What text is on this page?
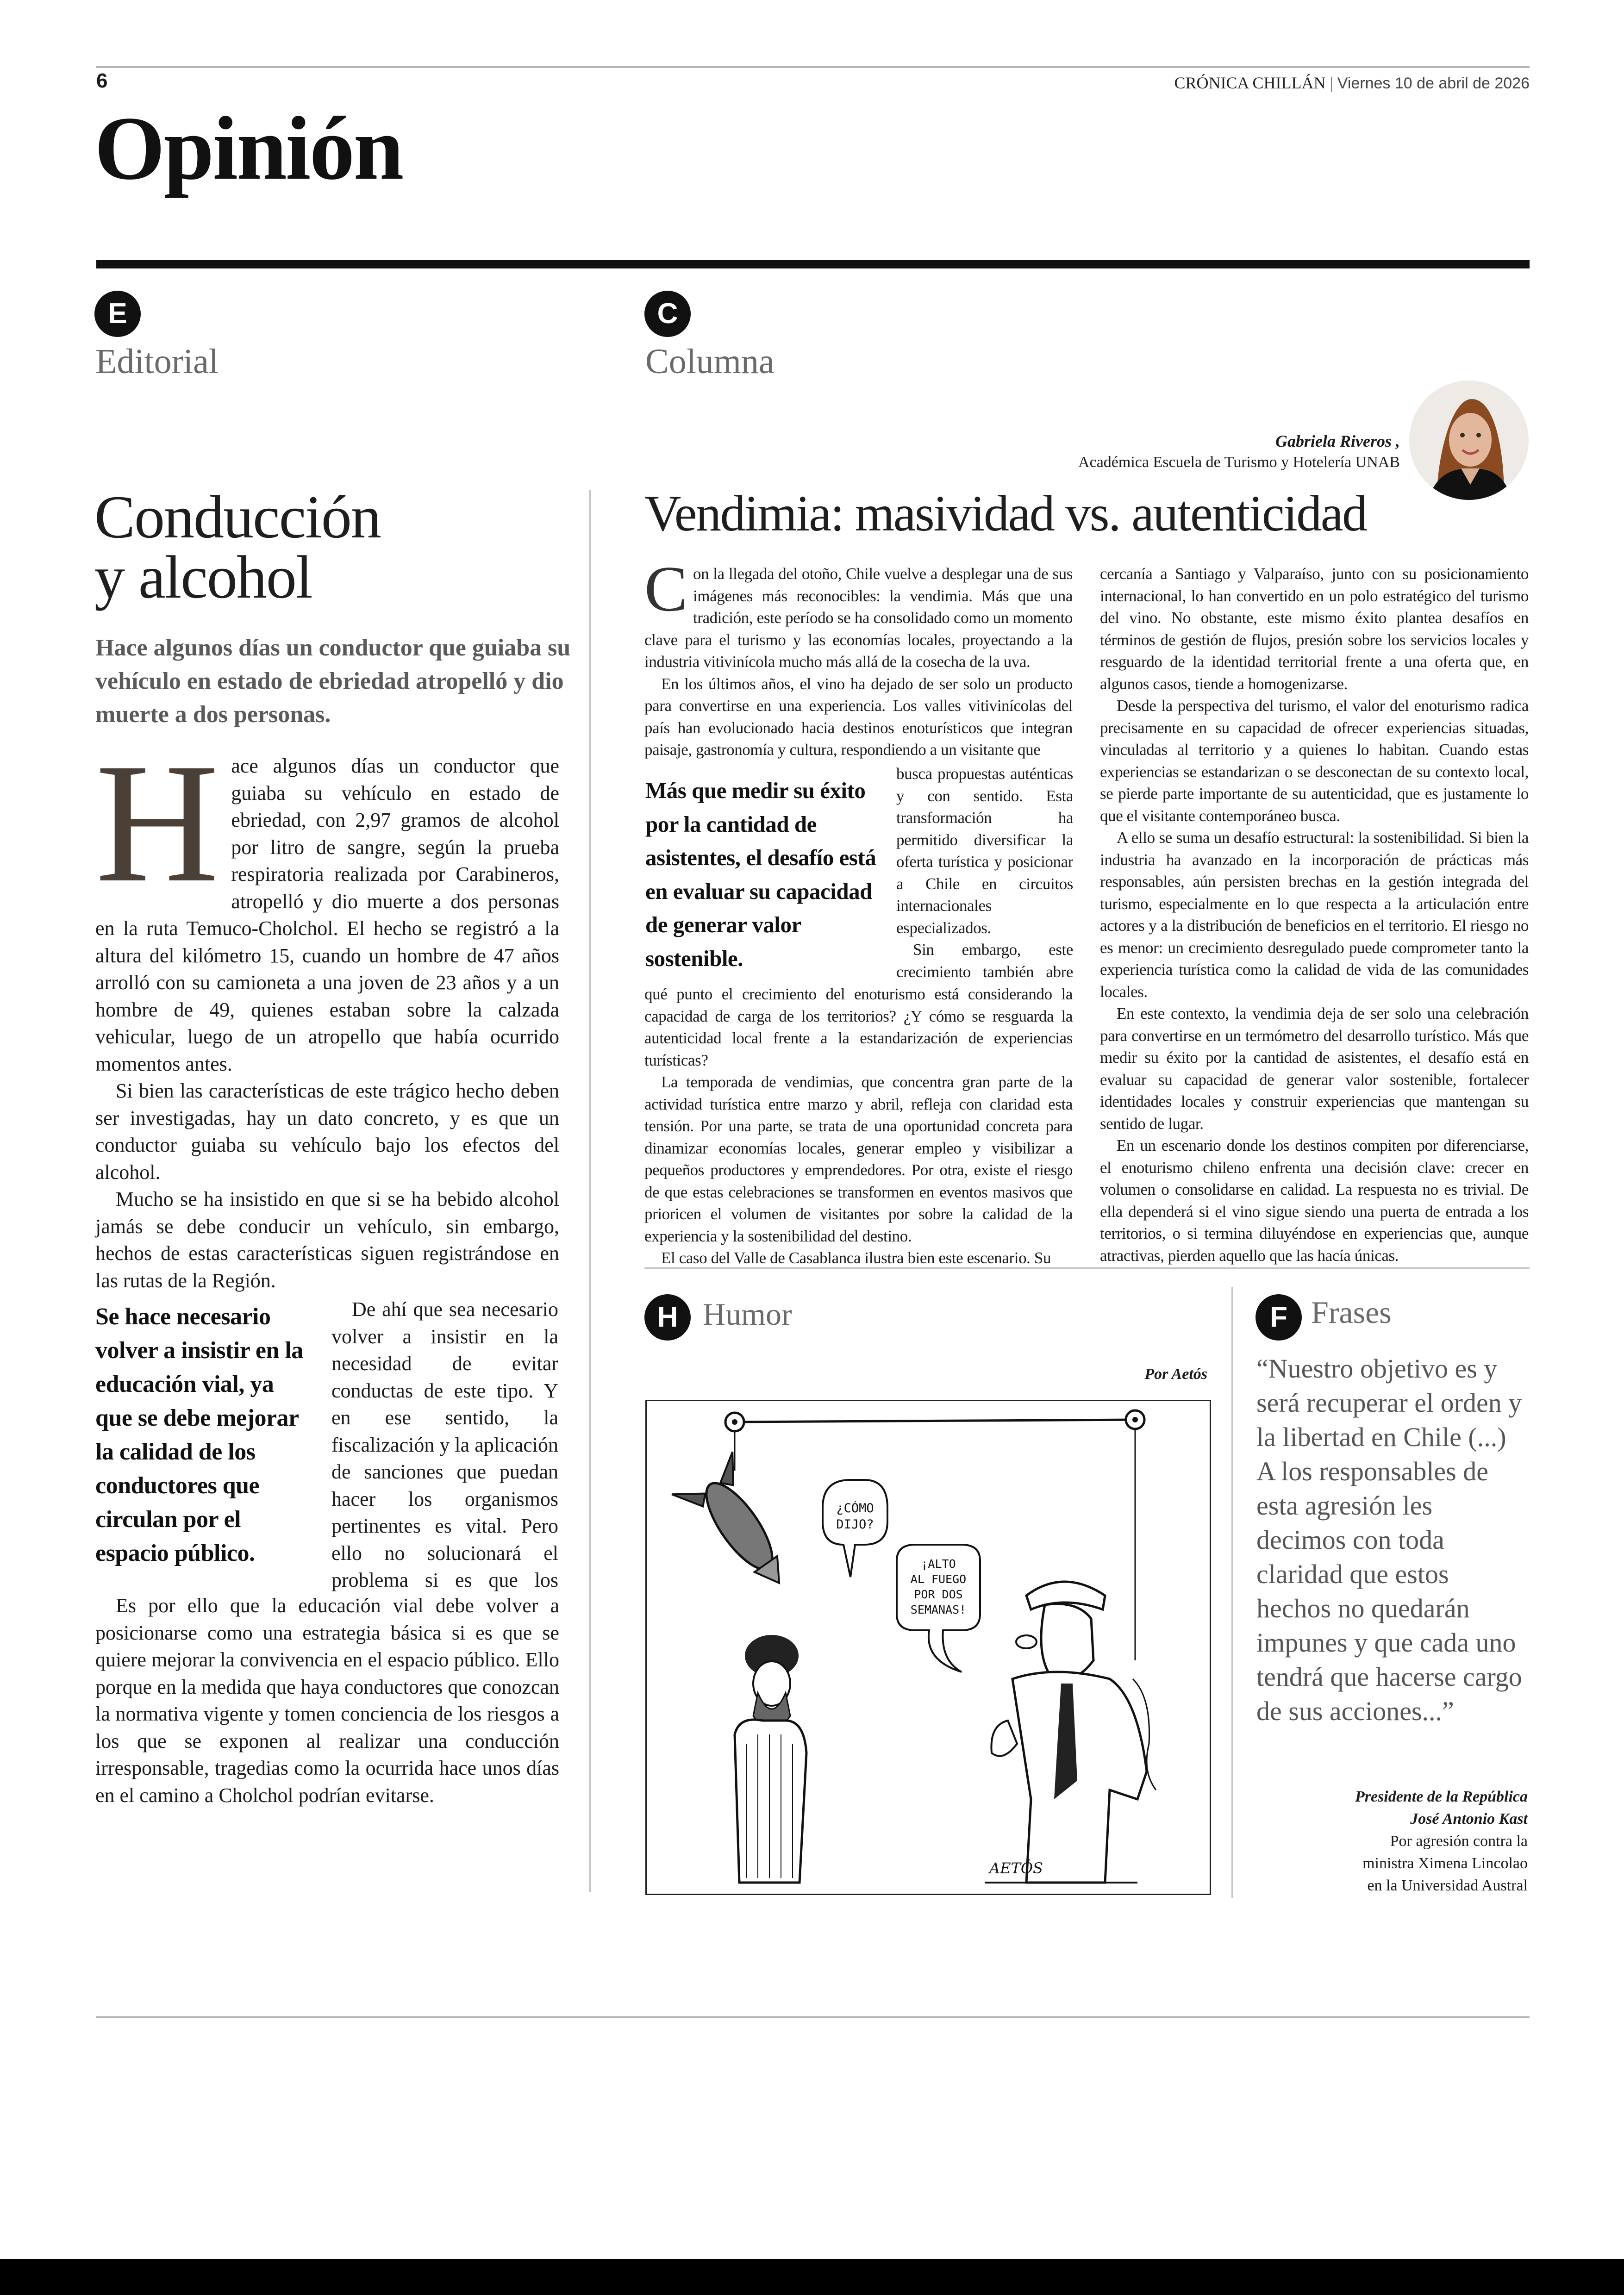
6	CRÓNICA CHILLÁN | Viernes 10 de abril de 2026
Opinión
E
Editorial
C
Columna
Conducción
y alcohol
Hace algunos días un conductor que guiaba su vehículo en estado de ebriedad atropelló y dio muerte a dos personas.

Hace algunos días un conductor que guiaba su vehículo en estado de ebriedad, con 2,97 gramos de alcohol por litro de sangre, según la prueba respiratoria realizada por Carabineros, atropelló y dio muerte a dos personas en la ruta Temuco-Cholchol. El hecho se registró a la altura del kilómetro 15, cuando un hombre de 47 años arrolló con su camioneta a una joven de 23 años y a un hombre de 49, quienes estaban sobre la calzada vehicular, luego de un atropello que había ocurrido momentos antes.

Si bien las características de este trágico hecho deben ser investigadas, hay un dato concreto, y es que un conductor guiaba su vehículo bajo los efectos del alcohol.

Mucho se ha insistido en que si se ha bebido alcohol jamás se debe conducir un vehículo, sin embargo, hechos de estas características siguen registrándose en las rutas de la Región.

Se hace necesario volver a insistir en la educación vial, ya que se debe mejorar la calidad de los conductores que circulan por el espacio público.

De ahí que sea necesario volver a insistir en la necesidad de evitar conductas de este tipo. Y en ese sentido, la fiscalización y la aplicación de sanciones que puedan hacer los organismos pertinentes es vital. Pero ello no solucionará el problema si es que los

Es por ello que la educación vial debe volver a posicionarse como una estrategia básica si es que se quiere mejorar la convivencia en el espacio público. Ello porque en la medida que haya conductores que conozcan la normativa vigente y tomen conciencia de los riesgos a los que se exponen al realizar una conducción irresponsable, tragedias como la ocurrida hace unos días en el camino a Cholchol podrían evitarse.

Gabriela Riveros ,
Académica Escuela de Turismo y Hotelería UNAB
Vendimia: masividad vs. autenticidad

Con la llegada del otoño, Chile vuelve a desplegar una de sus imágenes más reconocibles: la vendimia. Más que una tradición, este período se ha consolidado como un momento clave para el turismo y las economías locales, proyectando a la industria vitivinícola mucho más allá de la cosecha de la uva.

En los últimos años, el vino ha dejado de ser solo un producto para convertirse en una experiencia. Los valles vitivinícolas del país han evolucionado hacia destinos enoturísticos que integran paisaje, gastronomía y cultura, respondiendo a un visitante que

Más que medir su éxito por la cantidad de asistentes, el desafío está en evaluar su capacidad de generar valor sostenible.

busca propuestas auténticas y con sentido. Esta transformación ha permitido diversificar la oferta turística y posicionar a Chile en circuitos internacionales especializados.

Sin embargo, este crecimiento también abre

qué punto el crecimiento del enoturismo está considerando la capacidad de carga de los territorios? ¿Y cómo se resguarda la autenticidad local frente a la estandarización de experiencias turísticas?

La temporada de vendimias, que concentra gran parte de la actividad turística entre marzo y abril, refleja con claridad esta tensión. Por una parte, se trata de una oportunidad concreta para dinamizar economías locales, generar empleo y visibilizar a pequeños productores y emprendedores. Por otra, existe el riesgo de que estas celebraciones se transformen en eventos masivos que prioricen el volumen de visitantes por sobre la calidad de la experiencia y la sostenibilidad del destino.

El caso del Valle de Casablanca ilustra bien este escenario. Su

cercanía a Santiago y Valparaíso, junto con su posicionamiento internacional, lo han convertido en un polo estratégico del turismo del vino. No obstante, este mismo éxito plantea desafíos en términos de gestión de flujos, presión sobre los servicios locales y resguardo de la identidad territorial frente a una oferta que, en algunos casos, tiende a homogenizarse.

Desde la perspectiva del turismo, el valor del enoturismo radica precisamente en su capacidad de ofrecer experiencias situadas, vinculadas al territorio y a quienes lo habitan. Cuando estas experiencias se estandarizan o se desconectan de su contexto local, se pierde parte importante de su autenticidad, que es justamente lo que el visitante contemporáneo busca.

A ello se suma un desafío estructural: la sostenibilidad. Si bien la industria ha avanzado en la incorporación de prácticas más responsables, aún persisten brechas en la gestión integrada del turismo, especialmente en lo que respecta a la articulación entre actores y a la distribución de beneficios en el territorio. El riesgo no es menor: un crecimiento desregulado puede comprometer tanto la experiencia turística como la calidad de vida de las comunidades locales.

En este contexto, la vendimia deja de ser solo una celebración para convertirse en un termómetro del desarrollo turístico. Más que medir su éxito por la cantidad de asistentes, el desafío está en evaluar su capacidad de generar valor sostenible, fortalecer identidades locales y construir experiencias que mantengan su sentido de lugar.

En un escenario donde los destinos compiten por diferenciarse, el enoturismo chileno enfrenta una decisión clave: crecer en volumen o consolidarse en calidad. La respuesta no es trivial. De ella dependerá si el vino sigue siendo una puerta de entrada a los territorios, o si termina diluyéndose en experiencias que, aunque atractivas, pierden aquello que las hacía únicas.

H Humor
Por Aetós
¿CÓMO
DIJO?
¡ALTO
AL FUEGO
POR DOS
SEMANAS!
AETÓS
F Frases
“Nuestro objetivo es y será recuperar el orden y la libertad en Chile (...) A los responsables de esta agresión les decimos con toda claridad que estos hechos no quedarán impunes y que cada uno tendrá que hacerse cargo de sus acciones...”
Presidente de la República
José Antonio Kast
Por agresión contra la
ministra Ximena Lincolao
en la Universidad Austral
